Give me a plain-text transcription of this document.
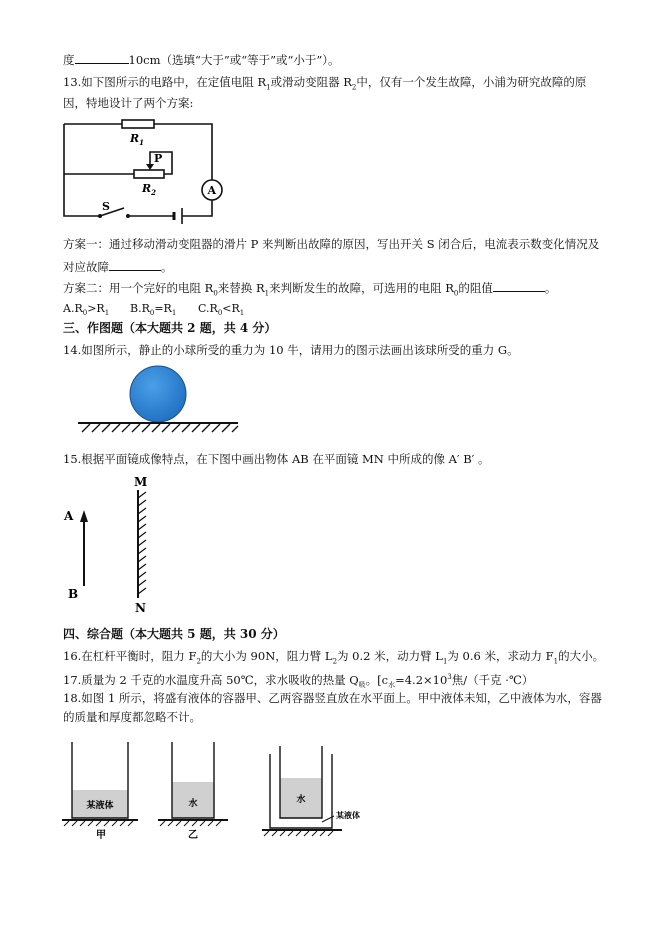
度	10cm（选填“大于”或“等于”或“小于”）。
13.如下图所示的电路中，在定值电阻 $R_1$或滑动变阻器 $R_2$中，仅有一个发生故障，小浦为研究故障的原
因，特地设计了两个方案:
$R_1$
P
$R_2$	A
S
方案一：通过移动滑动变阻器的滑片 P 来判断出故障的原因，写出开关 S 闭合后，电流表示数变化情况及
对应故障	。
方案二：用一个完好的电阻 $R_0$来替换 $R_1$来判断发生的故障，可选用的电阻 $R_0$的阻值	。
$A.R_0>R_1$ $B.R_0=R_1$ $C.R_0<R_1$
三、作图题（本大题共 2 题，共 4 分）
14.如图所示，静止的小球所受的重力为 10 牛，请用力的图示法画出该球所受的重力 G。
15.根据平面镜成像特点，在下图中画出物体 AB 在平面镜 MN 中所成的像 A′ B′ 。
M
N
A
B
四、综合题（本大题共 5 题，共 30 分）
16.在杠杆平衡时，阻力 $F_2$的大小为 90N，阻力臂 $L_2$为 0.2 米，动力臂 $L_1$为 0.6 米，求动力 $F_1$的大小。
17.质量为 2 千克的水温度升高 50℃，求水吸收的热量 $Q_吸$。[$c_水=4.2\times 10^3$焦/（千克 ·℃）
18.如图 1 所示，将盛有液体的容器甲、乙两容器竖直放在水平面上。甲中液体未知，乙中液体为水，容器
的质量和厚度都忽略不计。
某液体
甲
水
乙
水
某液体
